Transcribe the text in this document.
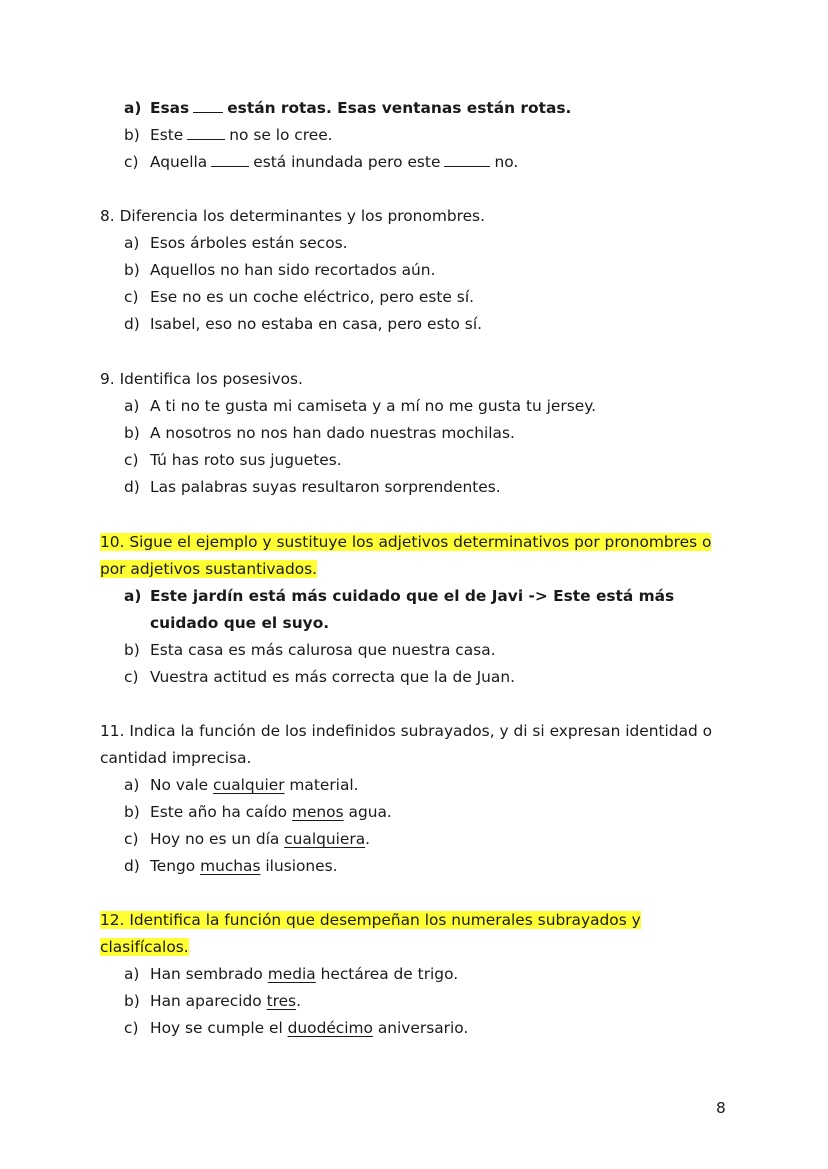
a) Esas están rotas. Esas ventanas están rotas.
b) Este	no se lo cree.
c) Aquella	está inundada pero este	no.
8. Diferencia los determinantes y los pronombres.
a) Esos árboles están secos.
b) Aquellos no han sido recortados aún.
c) Ese no es un coche eléctrico, pero este sí.
d) Isabel, eso no estaba en casa, pero esto sí.
9. Identifica los posesivos.
a) A ti no te gusta mi camiseta y a mí no me gusta tu jersey.
b) A nosotros no nos han dado nuestras mochilas.
c) Tú has roto sus juguetes.
d) Las palabras suyas resultaron sorprendentes.
10. Sigue el ejemplo y sustituye los adjetivos determinativos por pronombres o
por adjetivos sustantivados.
a) Este jardín está más cuidado que el de Javi -> Este está más
cuidado que el suyo.
b) Esta casa es más calurosa que nuestra casa.
c) Vuestra actitud es más correcta que la de Juan.
11. Indica la función de los indefinidos subrayados, y di si expresan identidad o
cantidad imprecisa.
a) No vale cualquier material.
b) Este año ha caído menos agua.
c) Hoy no es un día cualquiera.
d) Tengo muchas ilusiones.
12. Identifica la función que desempeñan los numerales subrayados y
clasifícalos.
a) Han sembrado media hectárea de trigo.
b) Han aparecido tres.
c) Hoy se cumple el duodécimo aniversario.
8
